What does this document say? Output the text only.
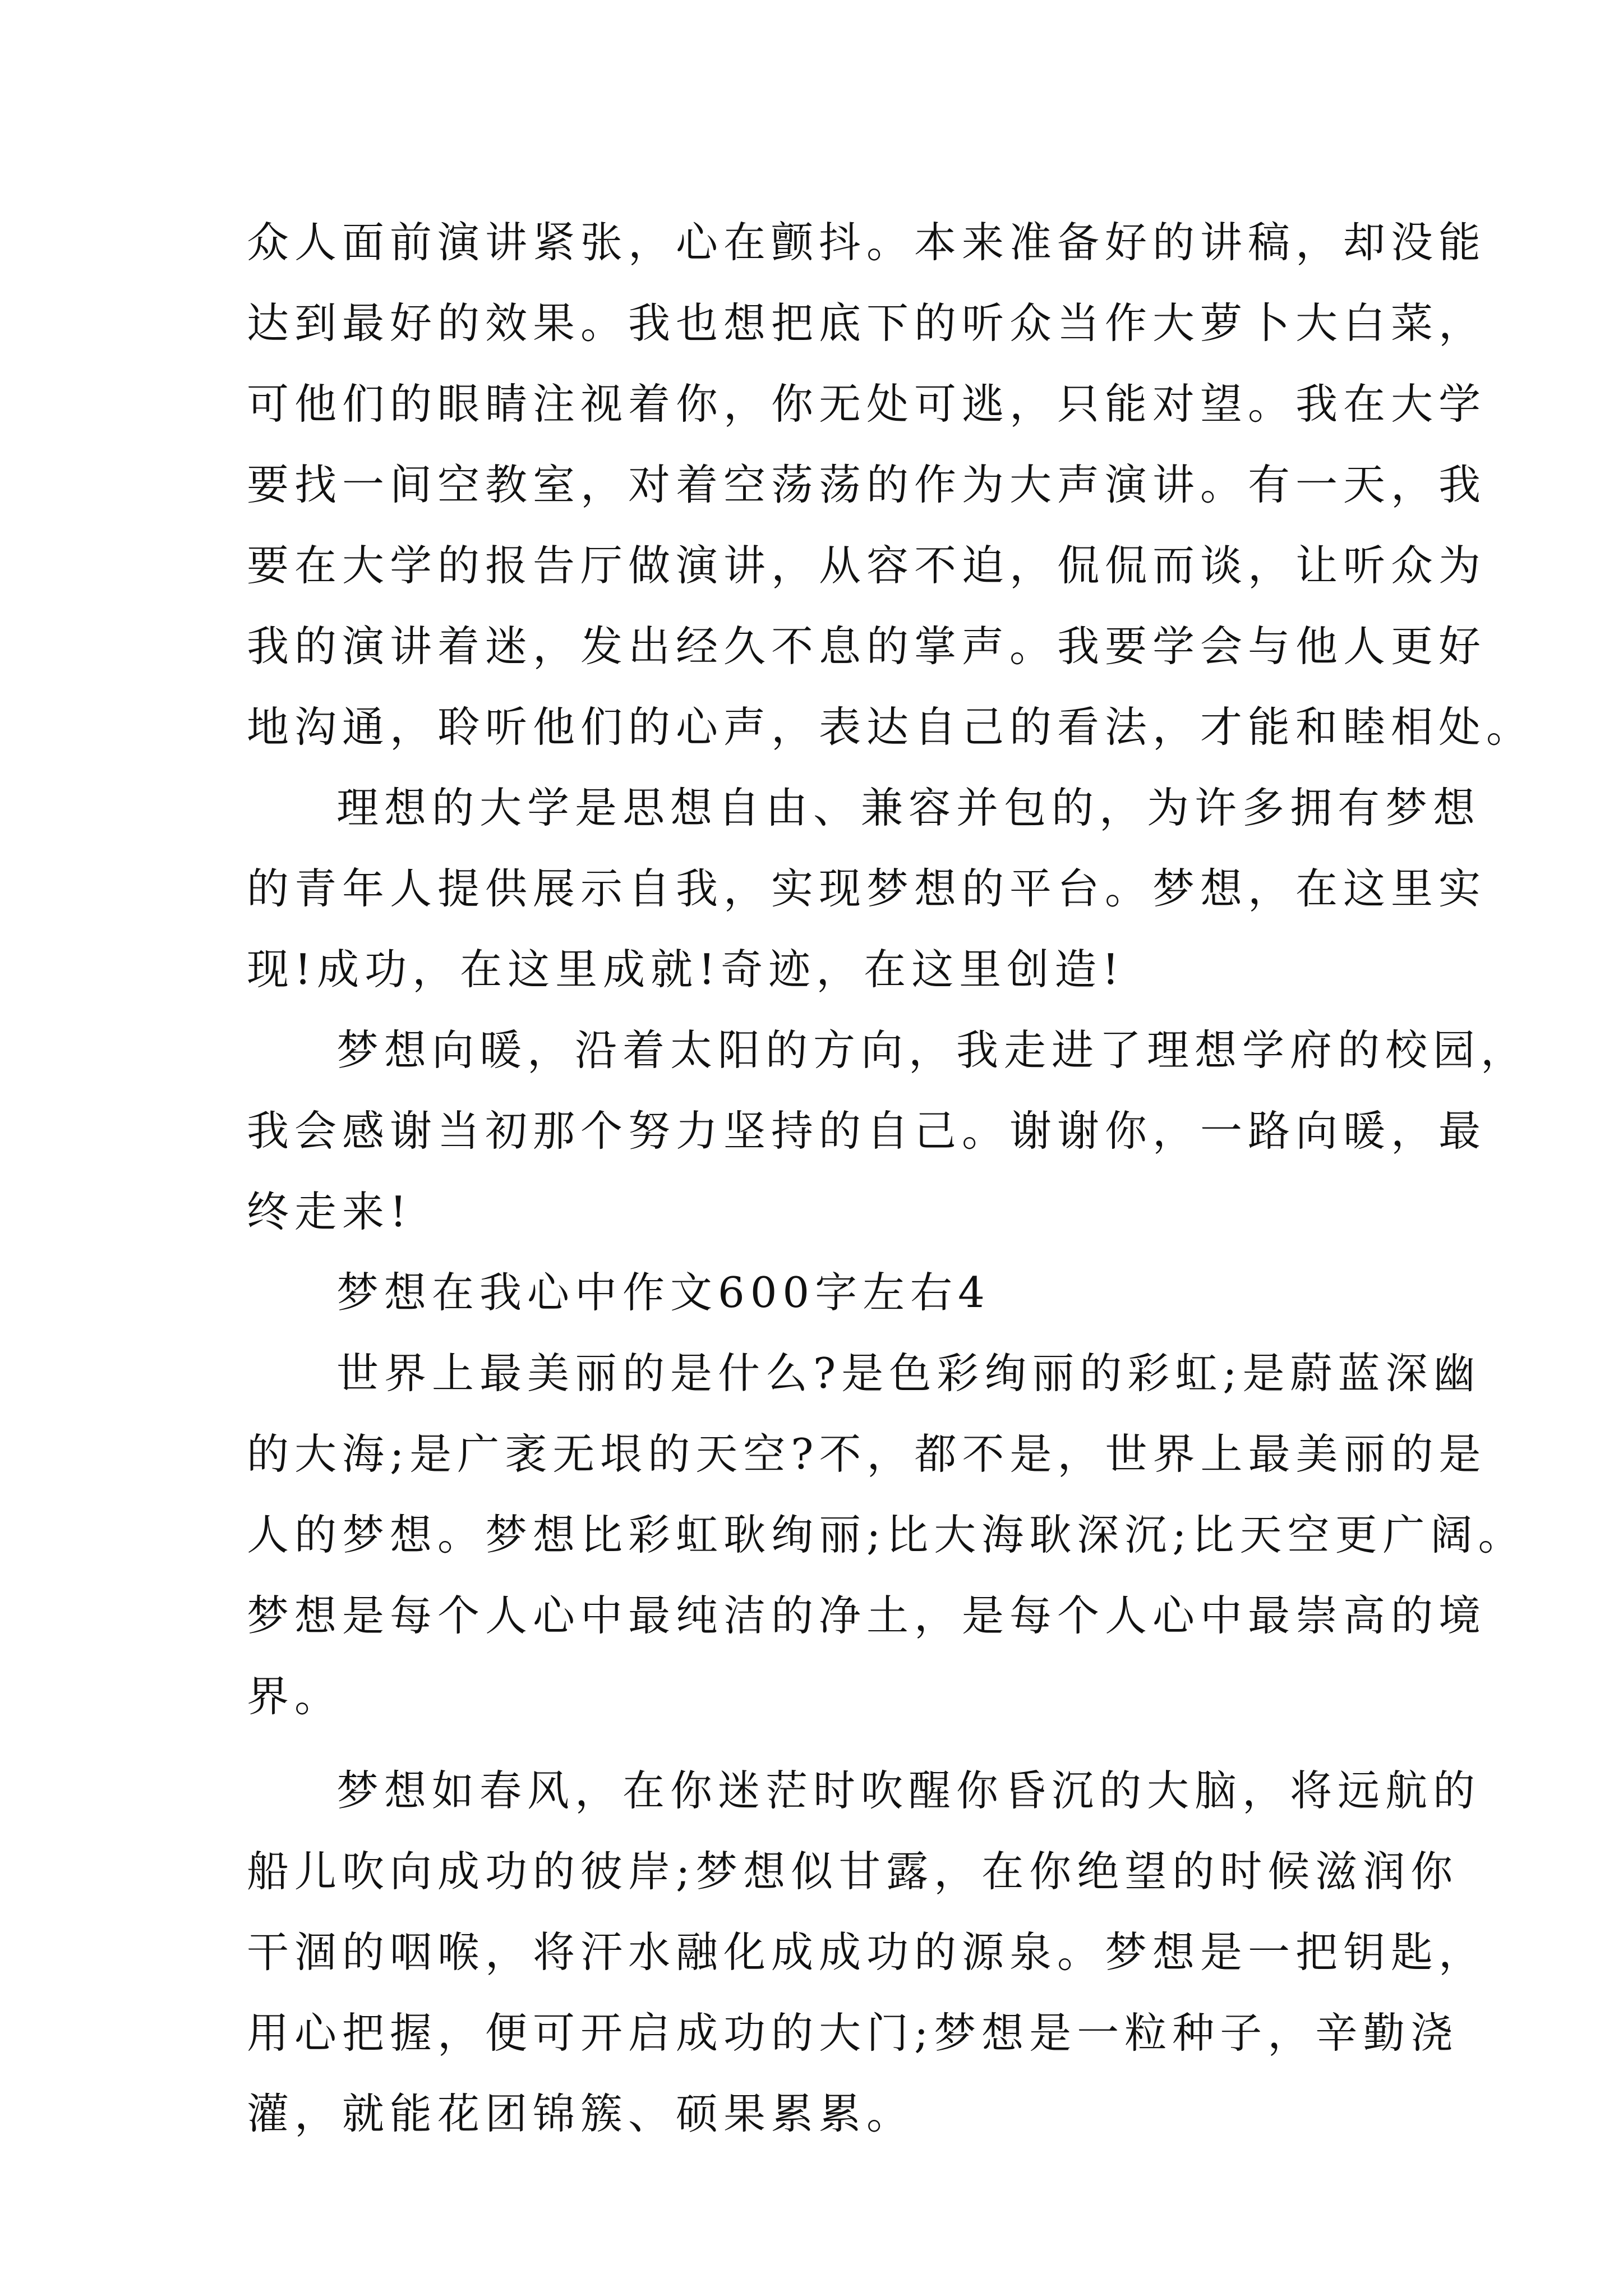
众人面前演讲紧张，心在颤抖。本来准备好的讲稿，却没能
达到最好的效果。我也想把底下的听众当作大萝卜大白菜，
可他们的眼睛注视着你，你无处可逃，只能对望。我在大学
要找一间空教室，对着空荡荡的作为大声演讲。有一天，我
要在大学的报告厅做演讲，从容不迫，侃侃而谈，让听众为
我的演讲着迷，发出经久不息的掌声。我要学会与他人更好
地沟通，聆听他们的心声，表达自己的看法，才能和睦相处。
理想的大学是思想自由、兼容并包的，为许多拥有梦想
的青年人提供展示自我，实现梦想的平台。梦想，在这里实
现!成功，在这里成就!奇迹，在这里创造!
梦想向暖，沿着太阳的方向，我走进了理想学府的校园，
我会感谢当初那个努力坚持的自己。谢谢你，一路向暖，最
终走来!
梦想在我心中作文600字左右4
世界上最美丽的是什么?是色彩绚丽的彩虹;是蔚蓝深幽
的大海;是广袤无垠的天空?不，都不是，世界上最美丽的是
人的梦想。梦想比彩虹耿绚丽;比大海耿深沉;比天空更广阔。
梦想是每个人心中最纯洁的净土，是每个人心中最崇高的境
界。
梦想如春风，在你迷茫时吹醒你昏沉的大脑，将远航的
船儿吹向成功的彼岸;梦想似甘露，在你绝望的时候滋润你
干涸的咽喉，将汗水融化成成功的源泉。梦想是一把钥匙，
用心把握，便可开启成功的大门;梦想是一粒种子，辛勤浇
灌，就能花团锦簇、硕果累累。
